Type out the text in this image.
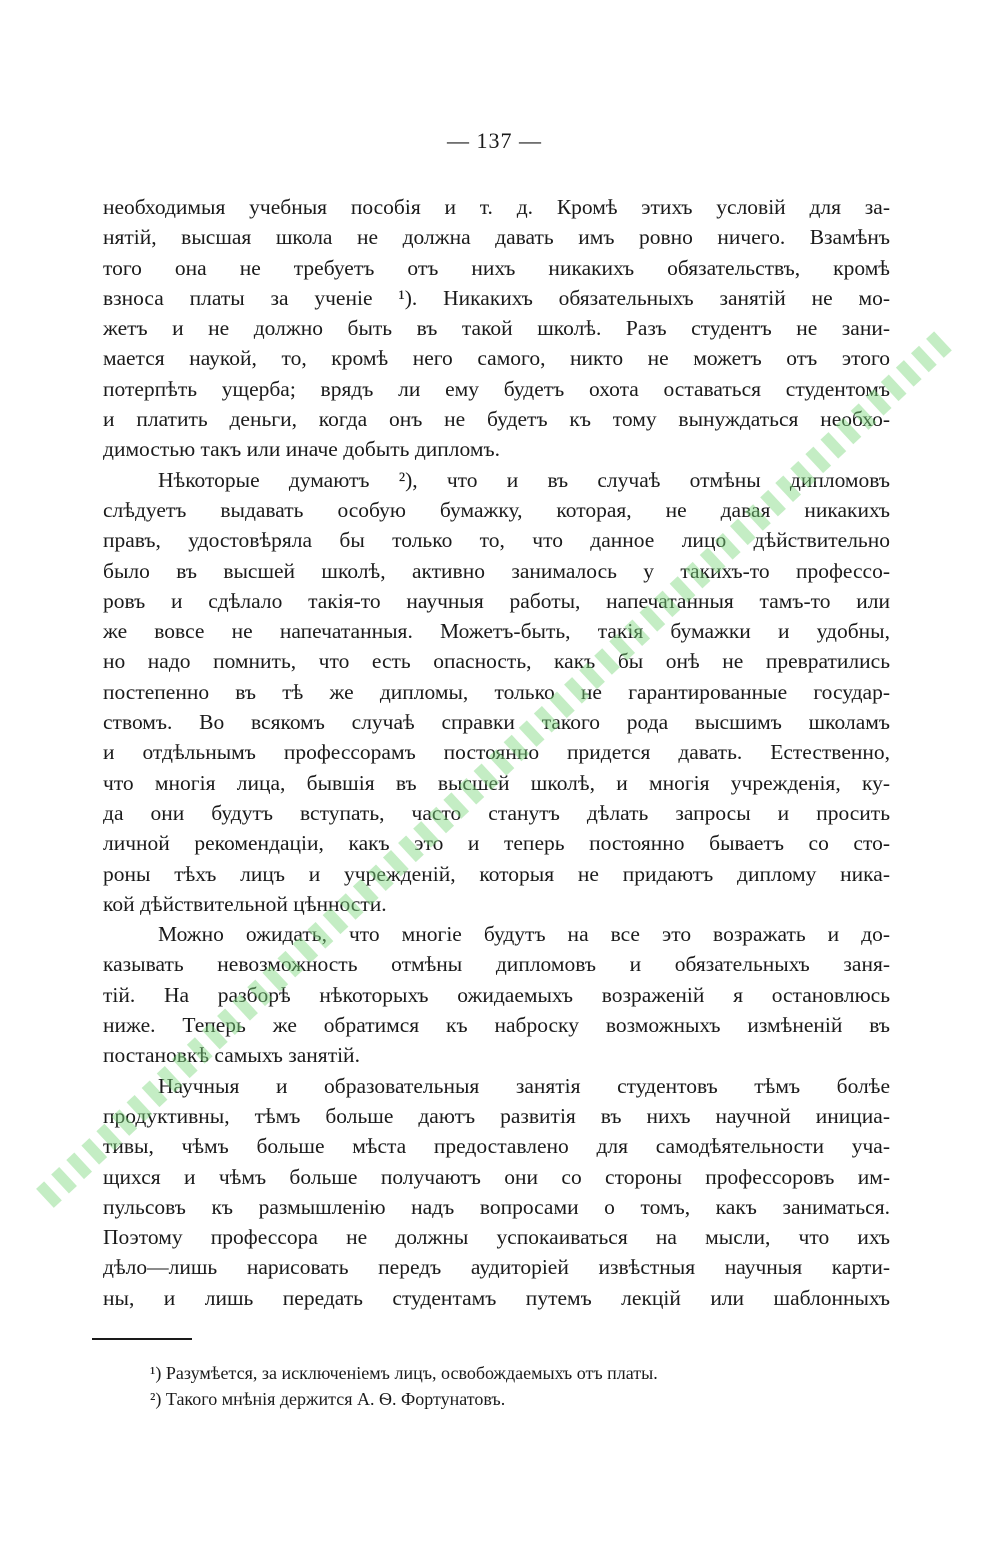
— 137 —
необходимыя учебныя пособія и т. д. Кромѣ этихъ условій для за-
нятій, высшая школа не должна давать имъ ровно ничего. Взамѣнъ
того она не требуетъ отъ нихъ никакихъ обязательствъ, кромѣ
взноса платы за ученіе ¹). Никакихъ обязательныхъ занятій не мо-
жетъ и не должно быть въ такой школѣ. Разъ студентъ не зани-
мается наукой, то, кромѣ него самого, никто не можетъ отъ этого
потерпѣть ущерба; врядъ ли ему будетъ охота оставаться студентомъ
и платить деньги, когда онъ не будетъ къ тому вынуждаться необхо-
димостью такъ или иначе добыть дипломъ.
Нѣкоторые думаютъ ²), что и въ случаѣ отмѣны дипломовъ
слѣдуетъ выдавать особую бумажку, которая, не давая никакихъ
правъ, удостовѣряла бы только то, что данное лицо дѣйствительно
было въ высшей школѣ, активно занималось у такихъ-то профессо-
ровъ и сдѣлало такія-то научныя работы, напечатанныя тамъ-то или
же вовсе не напечатанныя. Можетъ-быть, такія бумажки и удобны,
но надо помнить, что есть опасность, какъ бы онѣ не превратились
постепенно въ тѣ же дипломы, только не гарантированные государ-
ствомъ. Во всякомъ случаѣ справки такого рода высшимъ школамъ
и отдѣльнымъ профессорамъ постоянно придется давать. Естественно,
что многія лица, бывшія въ высшей школѣ, и многія учрежденія, ку-
да они будутъ вступать, часто станутъ дѣлать запросы и просить
личной рекомендаціи, какъ это и теперь постоянно бываетъ со сто-
роны тѣхъ лицъ и учрежденій, которыя не придаютъ диплому ника-
кой дѣйствительной цѣнности.
Можно ожидать, что многіе будутъ на все это возражать и до-
казывать невозможность отмѣны дипломовъ и обязательныхъ заня-
тій. На разборѣ нѣкоторыхъ ожидаемыхъ возраженій я остановлюсь
ниже. Теперь же обратимся къ наброску возможныхъ измѣненій въ
постановкѣ самыхъ занятій.
Научныя и образовательныя занятія студентовъ тѣмъ болѣе
продуктивны, тѣмъ больше даютъ развитія въ нихъ научной инициа-
тивы, чѣмъ больше мѣста предоставлено для самодѣятельности уча-
щихся и чѣмъ больше получаютъ они со стороны профессоровъ им-
пульсовъ къ размышленію надъ вопросами о томъ, какъ заниматься.
Поэтому профессора не должны успокаиваться на мысли, что ихъ
дѣло—лишь нарисовать передъ аудиторіей извѣстныя научныя карти-
ны, и лишь передать студентамъ путемъ лекцій или шаблонныхъ
¹) Разумѣется, за исключеніемъ лицъ, освобождаемыхъ отъ платы.
²) Такого мнѣнія держится А. Ѳ. Фортунатовъ.
